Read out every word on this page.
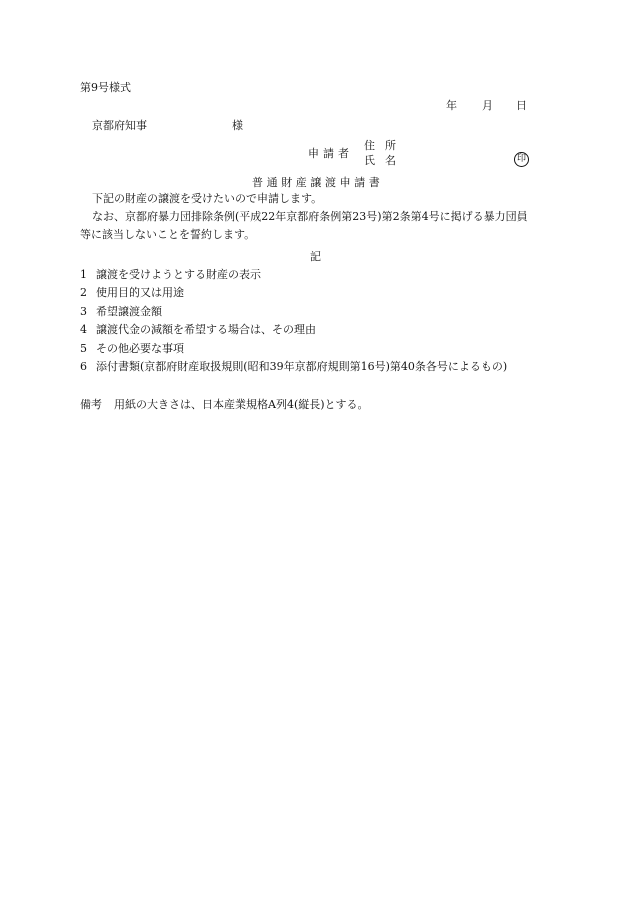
第9号様式
年 月 日
京都府知事	様
申請者
住所
氏名	印
普通財産譲渡申請書
下記の財産の譲渡を受けたいので申請します。
なお、京都府暴力団排除条例(平成22年京都府条例第23号)第2条第4号に掲げる暴力団員
等に該当しないことを誓約します。
記
1 譲渡を受けようとする財産の表示
2 使用目的又は用途
3 希望譲渡金額
4 譲渡代金の減額を希望する場合は、その理由
5 その他必要な事項
6 添付書類(京都府財産取扱規則(昭和39年京都府規則第16号)第40条各号によるもの)
備考 用紙の大きさは、日本産業規格A列4(縦長)とする。
